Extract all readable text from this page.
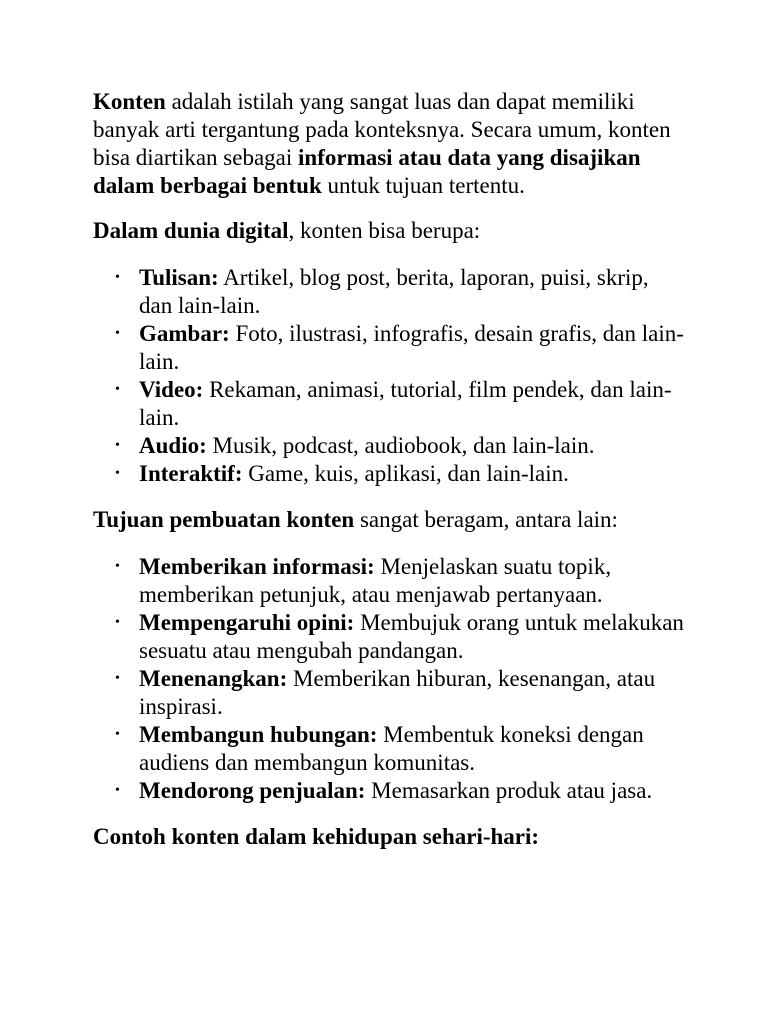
Konten adalah istilah yang sangat luas dan dapat memiliki banyak arti tergantung pada konteksnya. Secara umum, konten bisa diartikan sebagai informasi atau data yang disajikan dalam berbagai bentuk untuk tujuan tertentu.

Dalam dunia digital, konten bisa berupa:

• Tulisan: Artikel, blog post, berita, laporan, puisi, skrip, dan lain-lain.
• Gambar: Foto, ilustrasi, infografis, desain grafis, dan lain-lain.
• Video: Rekaman, animasi, tutorial, film pendek, dan lain-lain.
• Audio: Musik, podcast, audiobook, dan lain-lain.
• Interaktif: Game, kuis, aplikasi, dan lain-lain.

Tujuan pembuatan konten sangat beragam, antara lain:

• Memberikan informasi: Menjelaskan suatu topik, memberikan petunjuk, atau menjawab pertanyaan.
• Mempengaruhi opini: Membujuk orang untuk melakukan sesuatu atau mengubah pandangan.
• Menenangkan: Memberikan hiburan, kesenangan, atau inspirasi.
• Membangun hubungan: Membentuk koneksi dengan audiens dan membangun komunitas.
• Mendorong penjualan: Memasarkan produk atau jasa.

Contoh konten dalam kehidupan sehari-hari:
